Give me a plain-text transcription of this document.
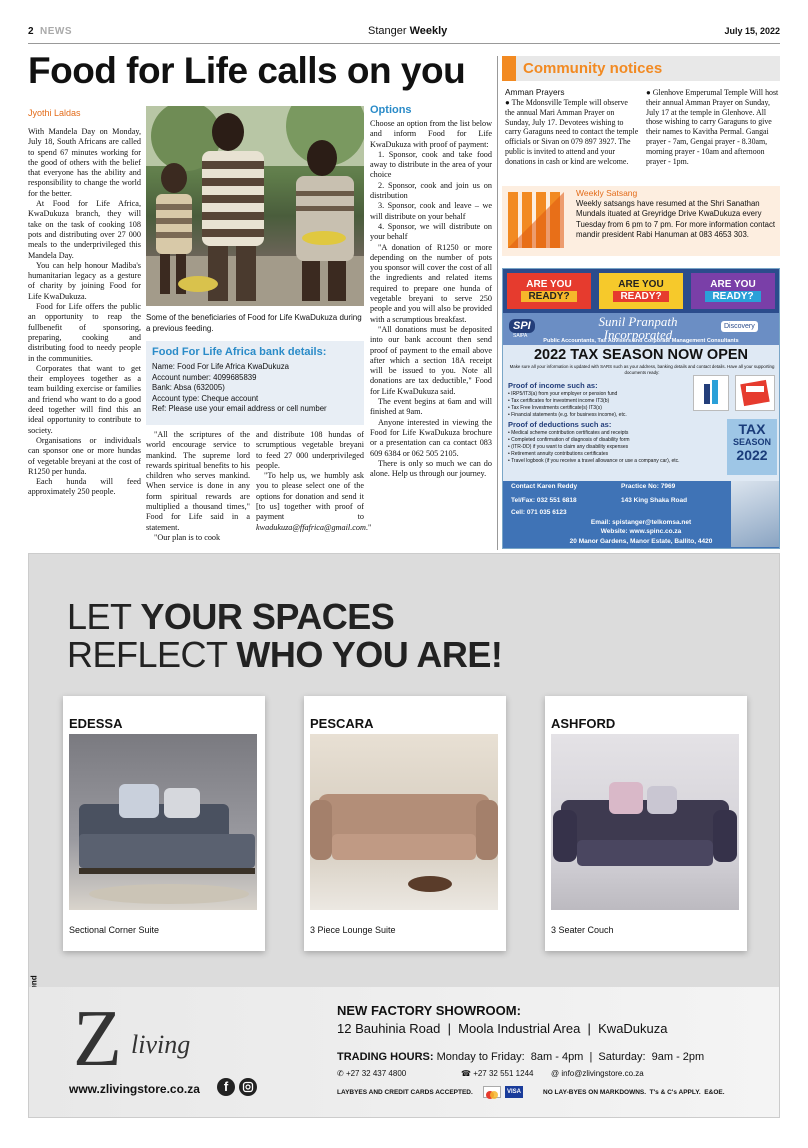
2 NEWS	Stanger Weekly	July 15, 2022
Food for Life calls on you
Jyothi Laldas

With Mandela Day on Monday, July 18, South Africans are called to spend 67 minutes working for the good of others with the belief that everyone has the ability and responsibility to change the world for the better.

At Food for Life Africa, KwaDukuza branch, they will take on the task of cooking 108 pots and distributing over 27 000 meals to the underprivileged this Mandela Day.

You can help honour Madiba's humanitarian legacy as a gesture of charity by joining Food for Life KwaDukuza.

Food for Life offers the public an opportunity to reap the fullbenefit of sponsoring, preparing, cooking and distributing food to needy people in the communities.

Corporates that want to get their employees together as a team building exercise or families and friend who want to do a good deed together will find this an ideal opportunity to contribute to society.

Organisations or individuals can sponsor one or more hundas of vegetable breyani at the cost of R1250 per hunda.

Each hunda will feed approximately 250 people.

Some of the beneficiaries of Food for Life KwaDukuza during a previous feeding.
Food For Life Africa bank details:
Name: Food For Life Africa KwaDukuza
Account number: 4099685839
Bank: Absa (632005)
Account type: Cheque account
Ref: Please use your email address or cell number

"All the scriptures of the world encourage service to mankind. The supreme lord rewards spiritual benefits to his children who serves mankind. When service is done in any form spiritual rewards are multiplied a thousand times," Food for Life said in a statement.

"Our plan is to cook

and distribute 108 hundas of scrumptious vegetable breyani to feed 27 000 underprivileged people.

"To help us, we humbly ask you to please select one of the options for donation and send it [to us] together with proof of payment to kwadukuza@ffafrica@gmail.com."

Options

Choose an option from the list below and inform Food for Life KwaDukuza with proof of payment:

1. Sponsor, cook and take food away to distribute in the area of your choice

2. Sponsor, cook and join us on distribution

3. Sponsor, cook and leave – we will distribute on your behalf

4. Sponsor, we will distribute on your behalf

"A donation of R1250 or more depending on the number of pots you sponsor will cover the cost of all the ingredients and related items required to prepare one hunda of vegetable breyani to serve 250 people and you will also be provided with a scrumptious breakfast.

"All donations must be deposited into our bank account then send proof of payment to the email above after which a section 18A receipt will be issued to you. Note all donations are tax deductible," Food for Life KwaDukuza said.

The event begins at 6am and will finished at 9am.

Anyone interested in viewing the Food for Life KwaDukuza brochure or a presentation can ca contact 083 609 6384 or 062 505 2105.

There is only so much we can do alone. Help us through our journey.

Community notices
Amman Prayers
● The Mdonsville Temple will observe the annual Mari Amman Prayer on Sunday, July 17. Devotees wishing to carry Garaguns need to contact the temple officials or Sivan on 079 897 3927. The public is invited to attend and your donations in cash or kind are welcome.
● Glenhove Emperumal Temple Will host their annual Amman Prayer on Sunday, July 17 at the temple in Glenhove. All those wishing to carry Garaguns to give their names to Kavitha Permal. Gangai prayer - 7am, Gengai prayer - 8.30am, morning prayer - 10am and afternoon prayer - 1pm.
Weekly Satsang
Weekly satsangs have resumed at the Shri Sanathan Mundals ituated at Greyridge Drive KwaDukuza every Tuesday from 6 pm to 7 pm. For more information contact mandir president Rabi Hanuman at 083 4653 303.
ARE YOU
READY?
ARE YOU
READY?
ARE YOU
READY?
SPI
SAIPA
Sunil Pranpath
Incorporated
Discovery
Public Accountants, Tax Advisers and Corporate Management Consultants
2022 TAX SEASON NOW OPEN
Make sure all your information is updated with SARS such as your address, banking details and contact details. Have all your supporting documents ready:
Proof of income such as:
• IRP5/IT3(a) from your employer or pension fund
• Tax certificates for investment income IT3(b)
• Tax Free Investments certificate(s) IT3(s)
• Financial statements (e.g. for business income), etc.
Proof of deductions such as:
• Medical scheme contribution certificates and receipts
• Completed confirmation of diagnosis of disability form
• (ITR-DD) if you want to claim any disability expenses
• Retirement annuity contributions certificates
• Travel logbook (if you receive a travel allowance or use a company car), etc.
TAX
SEASON
2022
Contact Karen Reddy	Practice No: 7969
Tel/Fax: 032 551 6818	143 King Shaka Road
Cell: 071 035 6123
Email: spistanger@telkomsa.net
Website: www.spinc.co.za
20 Manor Gardens, Manor Estate, Ballito, 4420
LET YOUR SPACES
REFLECT WHO YOU ARE!
EDESSA
Sectional Corner Suite
PESCARA
3 Piece Lounge Suite
ASHFORD
3 Seater Couch
Z living
www.zlivingstore.co.za	f
NEW FACTORY SHOWROOM:
12 Bauhinia Road  |  Moola Industrial Area  |  KwaDukuza
TRADING HOURS: Monday to Friday:  8am - 4pm  |  Saturday:  9am - 2pm
✆ +27 32 437 4800	☎ +27 32 551 1244 @ info@zlivingstore.co.za
LAYBYES AND CREDIT CARDS ACCEPTED.	VISA	NO LAY-BYES ON MARKDOWNS.  T's & C's APPLY.  E&OE.
